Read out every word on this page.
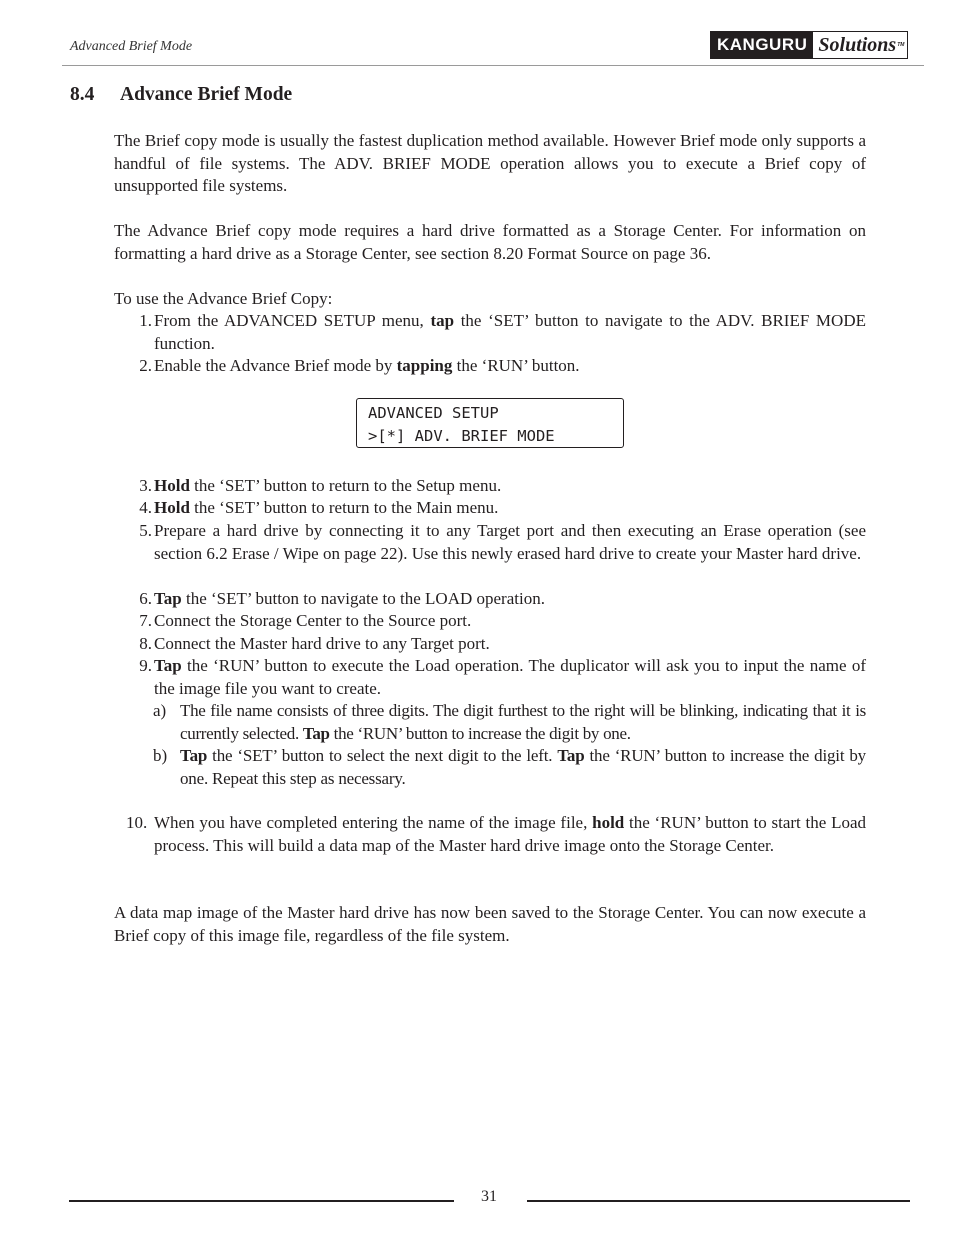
Advanced Brief Mode	KANGURU Solutions™
8.4 Advance Brief Mode

The Brief copy mode is usually the fastest duplication method available. However Brief mode only supports a handful of file systems. The ADV. BRIEF MODE operation allows you to execute a Brief copy of unsupported file systems.

The Advance Brief copy mode requires a hard drive formatted as a Storage Center. For information on formatting a hard drive as a Storage Center, see section 8.20 Format Source on page 36.

To use the Advance Brief Copy:

1. From the ADVANCED SETUP menu, tap the ‘SET’ button to navigate to the ADV. BRIEF MODE function.
2. Enable the Advance Brief mode by tapping the ‘RUN’ button.
ADVANCED SETUP
>[*] ADV. BRIEF MODE
3. Hold the ‘SET’ button to return to the Setup menu.
4. Hold the ‘SET’ button to return to the Main menu.
5. Prepare a hard drive by connecting it to any Target port and then executing an Erase operation (see section 6.2 Erase / Wipe on page 22). Use this newly erased hard drive to create your Master hard drive.
6. Tap the ‘SET’ button to navigate to the LOAD operation.
7. Connect the Storage Center to the Source port.
8. Connect the Master hard drive to any Target port.
9. Tap the ‘RUN’ button to execute the Load operation. The duplicator will ask you to input the name of the image file you want to create.
a) The file name consists of three digits. The digit furthest to the right will be blinking, indicating that it is currently selected. Tap the ‘RUN’ button to increase the digit by one.
b) Tap the ‘SET’ button to select the next digit to the left. Tap the ‘RUN’ button to increase the digit by one. Repeat this step as necessary.
10. When you have completed entering the name of the image file, hold the ‘RUN’ button to start the Load process. This will build a data map of the Master hard drive image onto the Storage Center.

A data map image of the Master hard drive has now been saved to the Storage Center. You can now execute a Brief copy of this image file, regardless of the file system.

31
